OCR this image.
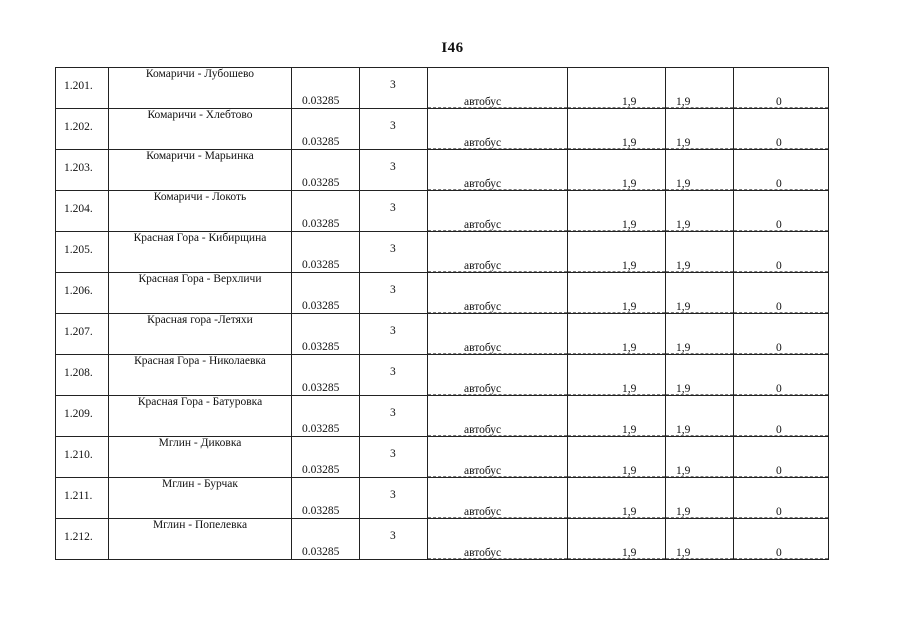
I46
1.201.	Комаричи - Лубошево	0.03285	3	автобус	1,9	1,9	0

1.202.	Комаричи - Хлебтово	0.03285	3	автобус	1,9	1,9	0

1.203.	Комаричи - Марьинка	0.03285	3	автобус	1,9	1,9	0

1.204.	Комаричи - Локоть	0.03285	3	автобус	1,9	1,9	0

1.205.	Красная Гора - Кибирщина	0.03285	3	автобус	1,9	1,9	0

1.206.	Красная Гора - Верхличи	0.03285	3	автобус	1,9	1,9	0

1.207.	Красная гора -Летяхи	0.03285	3	автобус	1,9	1,9	0

1.208.	Красная Гора - Николаевка	0.03285	3	автобус	1,9	1,9	0

1.209.	Красная Гора - Батуровка	0.03285	3	автобус	1,9	1,9	0

1.210.	Мглин - Диковка	0.03285	3	автобус	1,9	1,9	0

1.211.	Мглин - Бурчак	0.03285	3	автобус	1,9	1,9	0

1.212.	Мглин - Попелевка	0.03285	3	автобус	1,9	1,9	0
